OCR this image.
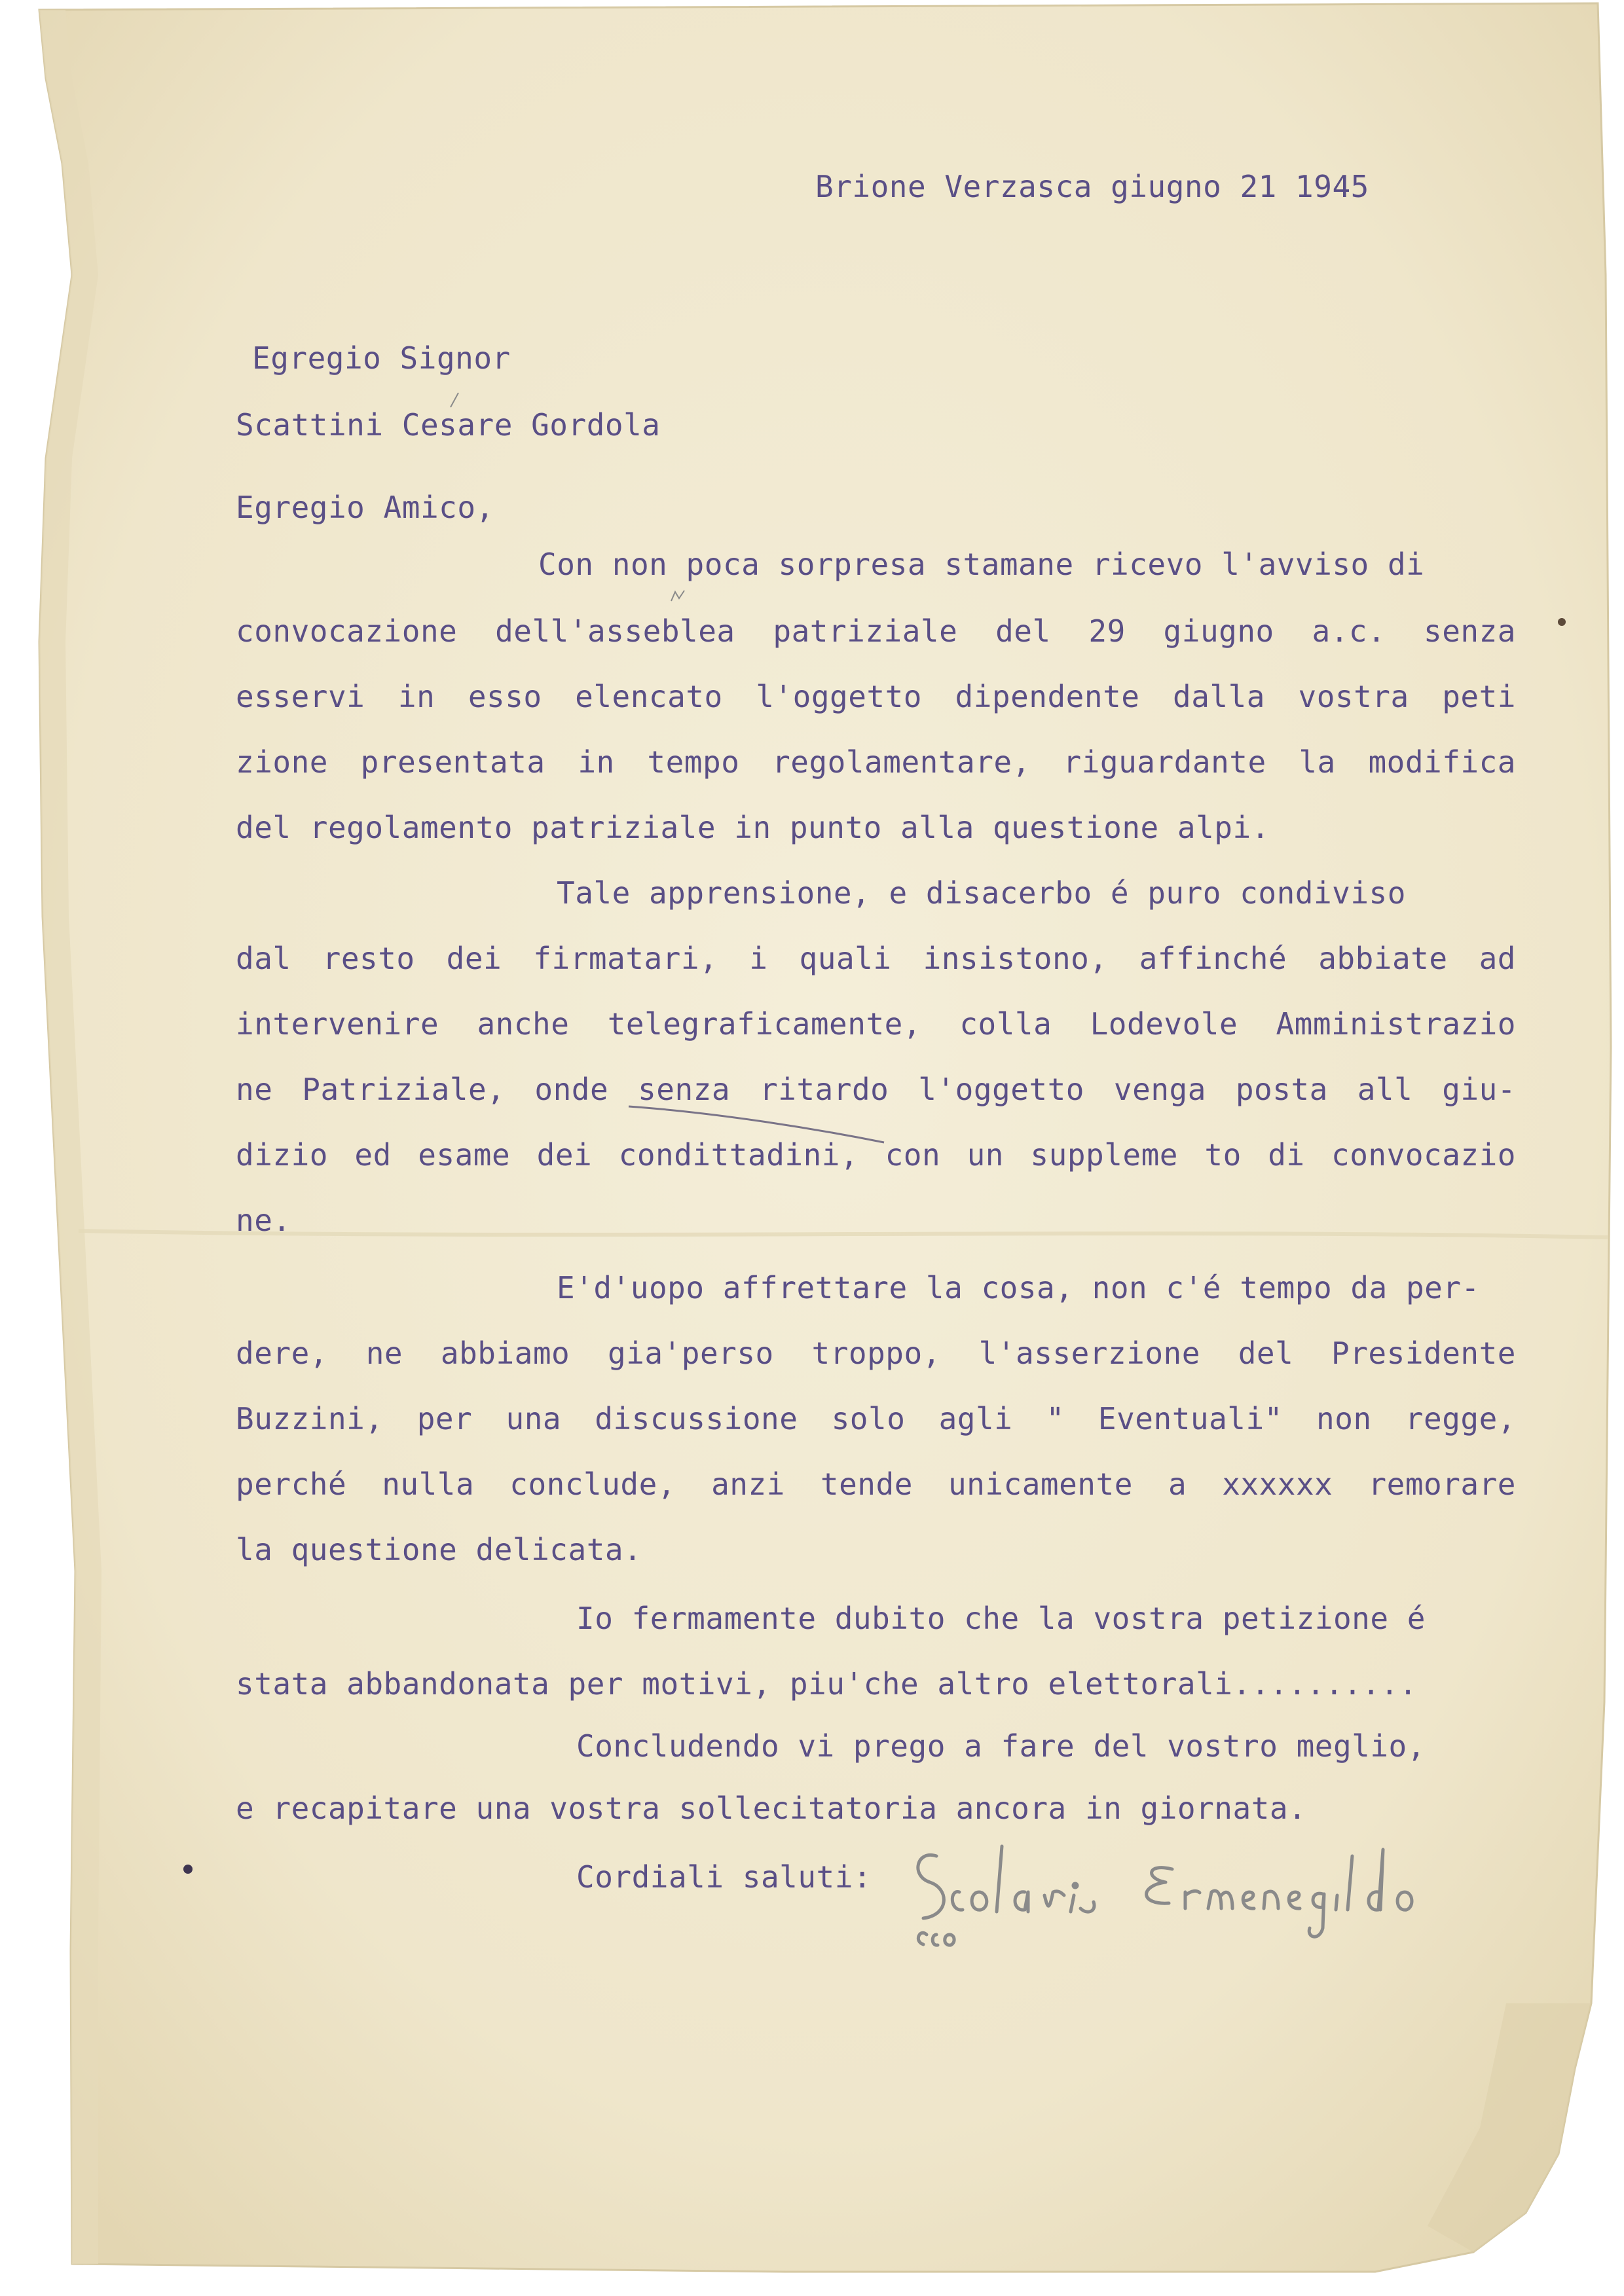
Brione Verzasca giugno 21 1945
Egregio Signor
Scattini Cesare Gordola
Egregio Amico,
Con non poca sorpresa stamane ricevo l'avviso di
convocazione dell'asseblea patriziale del 29 giugno a.c. senza
esservi in esso elencato l'oggetto dipendente dalla vostra peti
zione presentata in tempo regolamentare, riguardante la modifica
del regolamento patriziale in punto alla questione alpi.
Tale apprensione, e disacerbo é puro condiviso
dal resto dei firmatari, i quali insistono, affinché abbiate ad
intervenire anche telegraficamente, colla Lodevole Amministrazio
ne Patriziale, onde senza ritardo l'oggetto venga posta all giu-
dizio ed esame dei condittadini, con un suppleme to di convocazio
ne.
E'd'uopo affrettare la cosa, non c'é tempo da per-
dere, ne abbiamo gia'perso troppo, l'asserzione del Presidente
Buzzini, per una discussione solo agli " Eventuali" non regge,
perché nulla conclude, anzi tende unicamente a xxxxxx remorare
la questione delicata.
Io fermamente dubito che la vostra petizione é
stata abbandonata per motivi, piu'che altro elettorali..........
Concludendo vi prego a fare del vostro meglio,
e recapitare una vostra sollecitatoria ancora in giornata.
Cordiali saluti:
